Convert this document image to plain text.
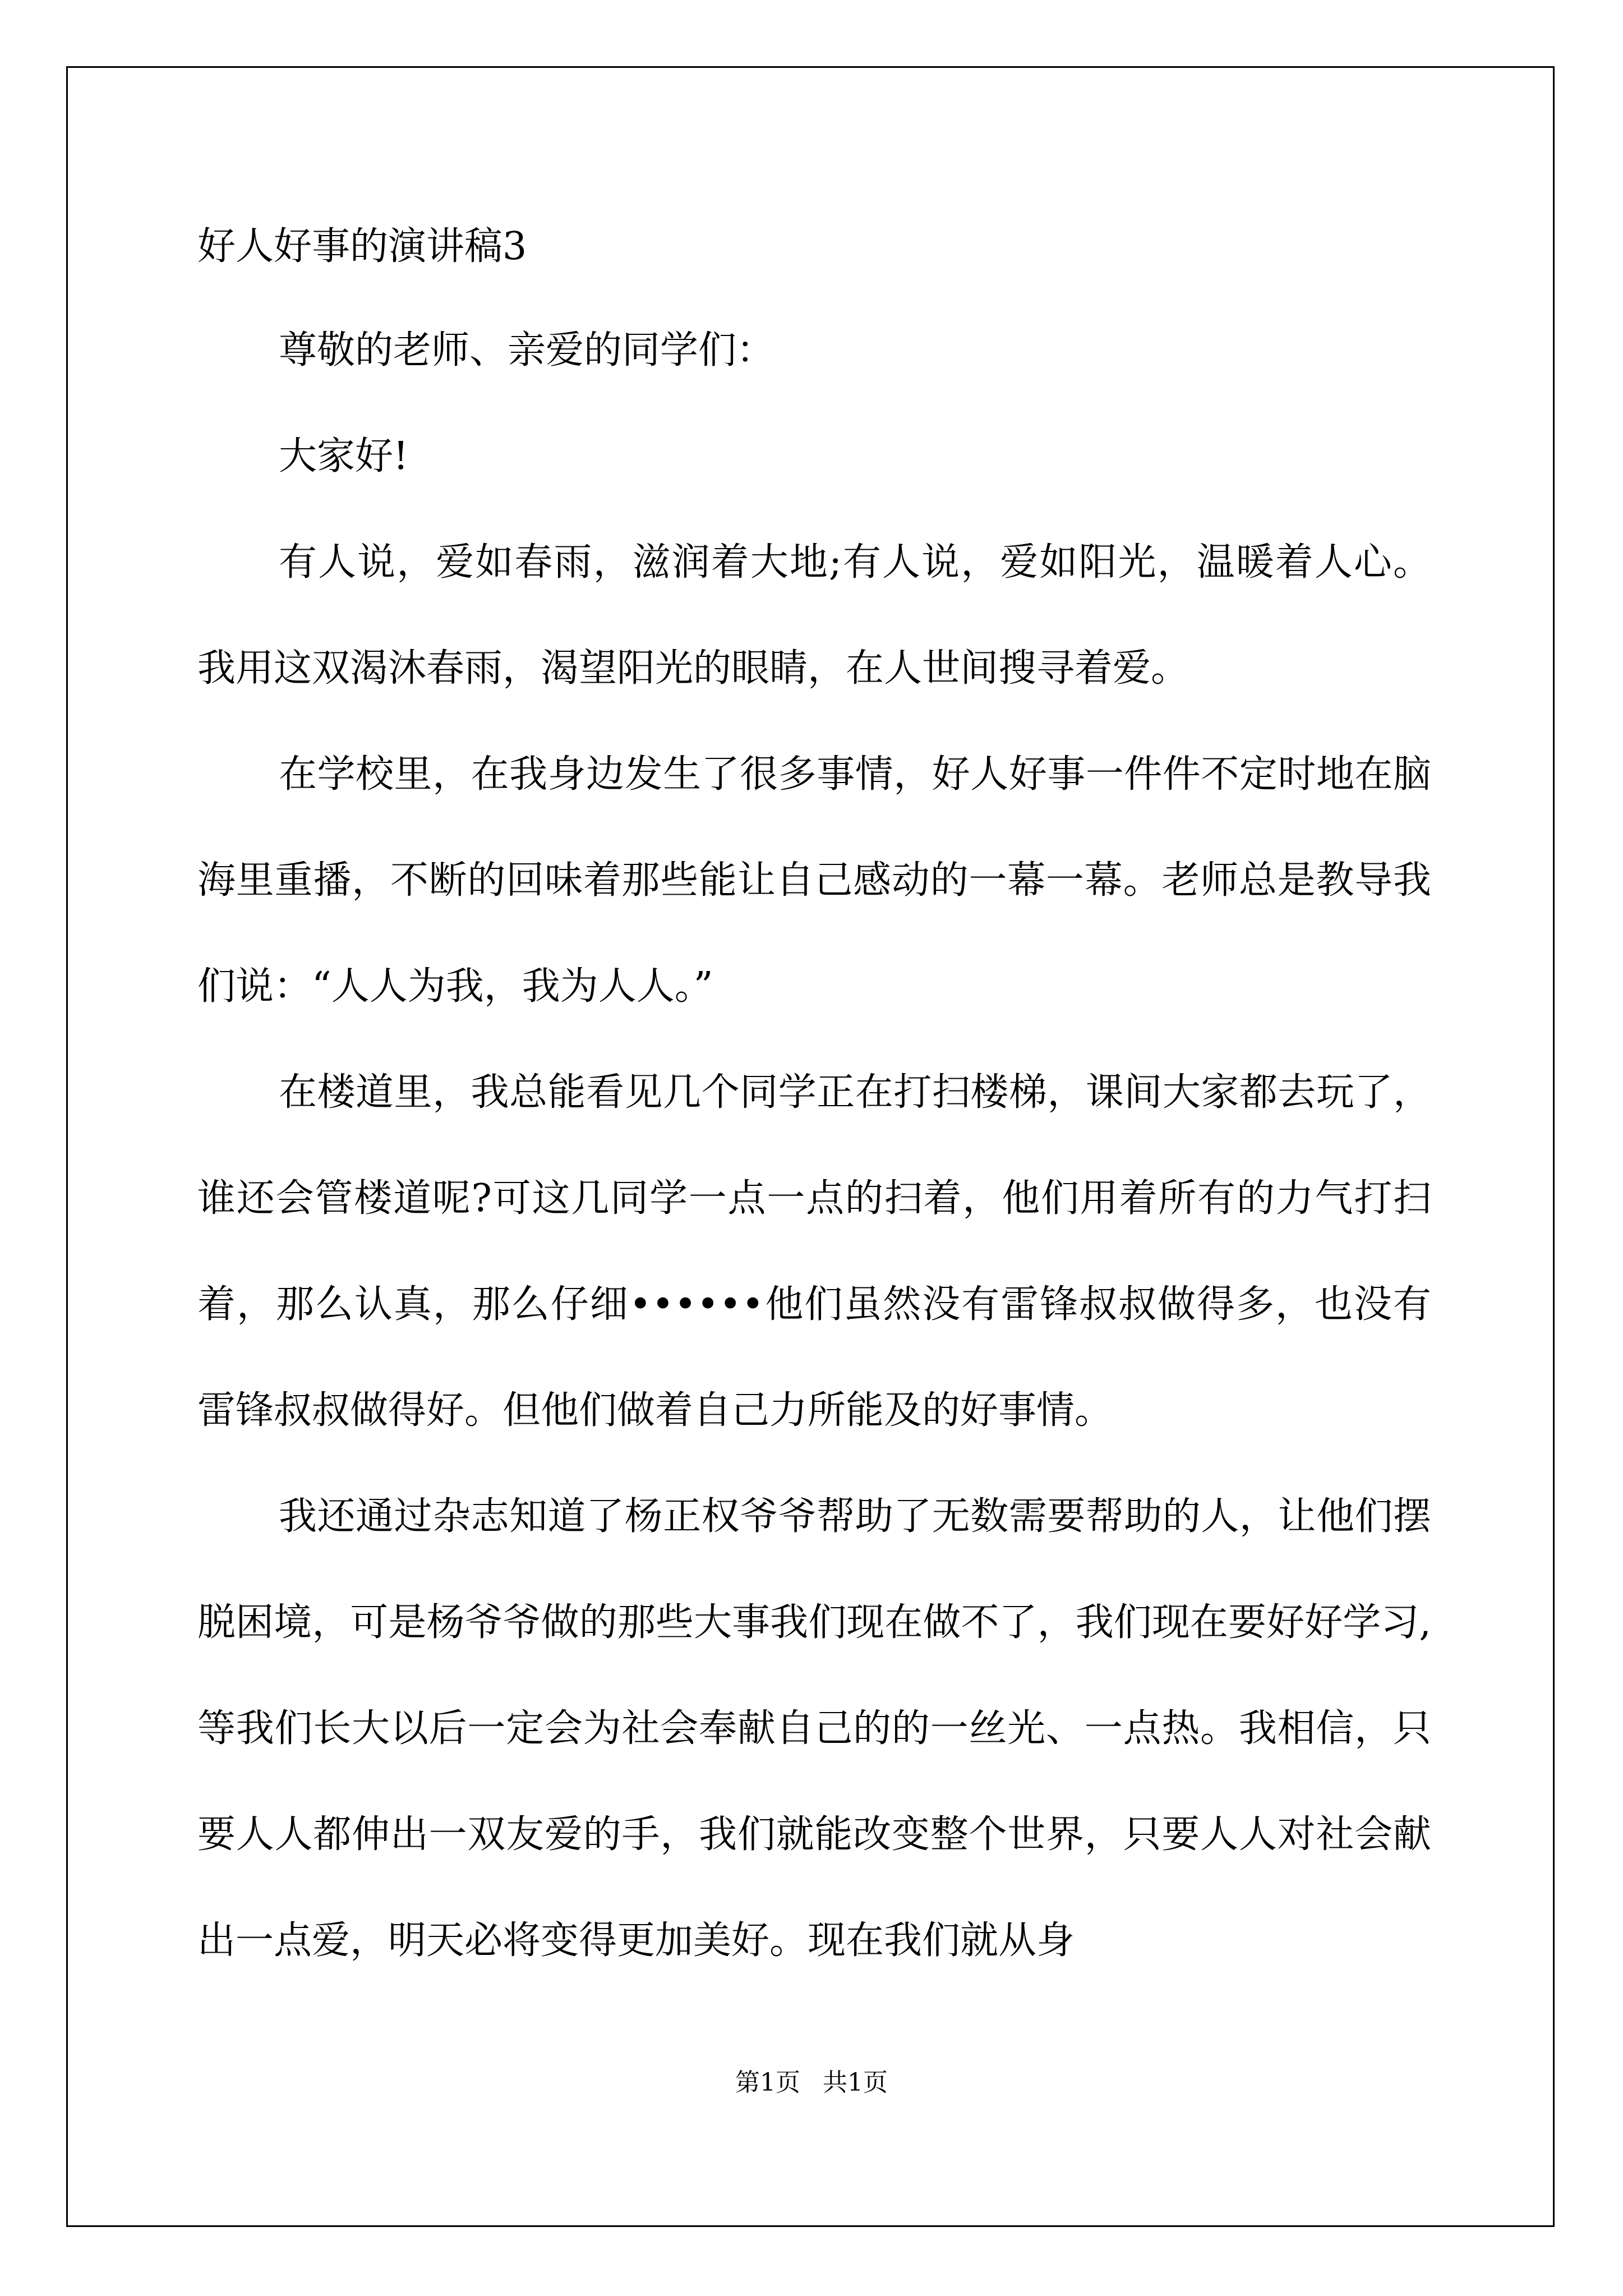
好人好事的演讲稿3

尊敬的老师、亲爱的同学们：

大家好!

有人说，爱如春雨，滋润着大地;有人说，爱如阳光，温暖着人心。我用这双渴沐春雨，渴望阳光的眼睛，在人世间搜寻着爱。

在学校里，在我身边发生了很多事情，好人好事一件件不定时地在脑海里重播，不断的回味着那些能让自己感动的一幕一幕。老师总是教导我们说：“人人为我，我为人人。”

在楼道里，我总能看见几个同学正在打扫楼梯，课间大家都去玩了，谁还会管楼道呢?可这几同学一点一点的扫着，他们用着所有的力气打扫着，那么认真，那么仔细••••••他们虽然没有雷锋叔叔做得多，也没有雷锋叔叔做得好。但他们做着自己力所能及的好事情。

我还通过杂志知道了杨正权爷爷帮助了无数需要帮助的人，让他们摆脱困境，可是杨爷爷做的那些大事我们现在做不了，我们现在要好好学习,等我们长大以后一定会为社会奉献自己的的一丝光、一点热。我相信，只要人人都伸出一双友爱的手，我们就能改变整个世界，只要人人对社会献出一点爱，明天必将变得更加美好。现在我们就从身

第1页 共1页
